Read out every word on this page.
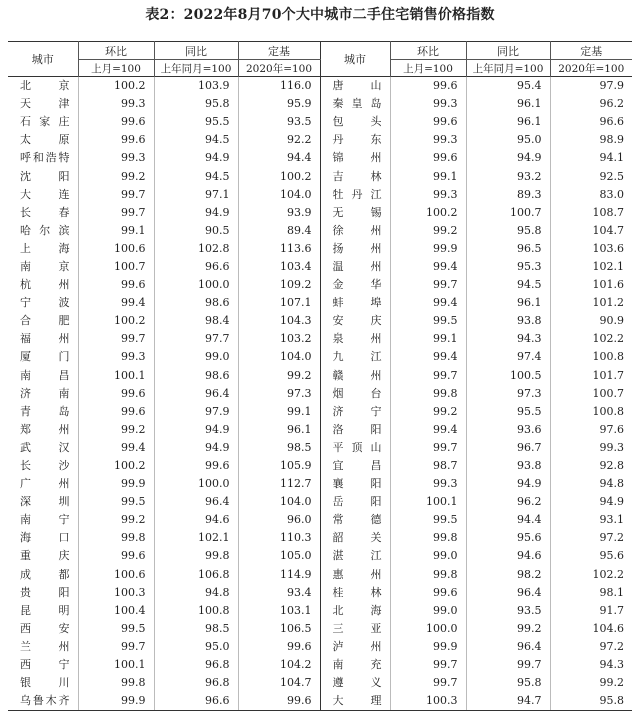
表2：2022年8月70个大中城市二手住宅销售价格指数
城市	环比	同比	定基	城市	环比	同比	定基
	上月=100	上年同月=100	2020年=100		上月=100	上年同月=100	2020年=100
北京	100.2	103.9	116.0	唐山	99.6	95.4	97.9
天津	99.3	95.8	95.9	秦皇岛	99.3	96.1	96.2
石家庄	99.6	95.5	93.5	包头	99.6	96.1	96.6
太原	99.6	94.5	92.2	丹东	99.3	95.0	98.9
呼和浩特	99.3	94.9	94.4	锦州	99.6	94.9	94.1
沈阳	99.2	94.5	100.2	吉林	99.1	93.2	92.5
大连	99.7	97.1	104.0	牡丹江	99.3	89.3	83.0
长春	99.7	94.9	93.9	无锡	100.2	100.7	108.7
哈尔滨	99.1	90.5	89.4	徐州	99.2	95.8	104.7
上海	100.6	102.8	113.6	扬州	99.9	96.5	103.6
南京	100.7	96.6	103.4	温州	99.4	95.3	102.1
杭州	99.6	100.0	109.2	金华	99.7	94.5	101.6
宁波	99.4	98.6	107.1	蚌埠	99.4	96.1	101.2
合肥	100.2	98.4	104.3	安庆	99.5	93.8	90.9
福州	99.7	97.7	103.2	泉州	99.1	94.3	102.2
厦门	99.3	99.0	104.0	九江	99.4	97.4	100.8
南昌	100.1	98.6	99.2	赣州	99.7	100.5	101.7
济南	99.6	96.4	97.3	烟台	99.8	97.3	100.7
青岛	99.6	97.9	99.1	济宁	99.2	95.5	100.8
郑州	99.2	94.9	96.1	洛阳	99.4	93.6	97.6
武汉	99.4	94.9	98.5	平顶山	99.7	96.7	99.3
长沙	100.2	99.6	105.9	宜昌	98.7	93.8	92.8
广州	99.9	100.0	112.7	襄阳	99.3	94.9	94.8
深圳	99.5	96.4	104.0	岳阳	100.1	96.2	94.9
南宁	99.2	94.6	96.0	常德	99.5	94.4	93.1
海口	99.8	102.1	110.3	韶关	99.8	95.6	97.2
重庆	99.6	99.8	105.0	湛江	99.0	94.6	95.6
成都	100.6	106.8	114.9	惠州	99.8	98.2	102.2
贵阳	100.3	94.8	93.4	桂林	99.6	96.4	98.1
昆明	100.4	100.8	103.1	北海	99.0	93.5	91.7
西安	99.5	98.5	106.5	三亚	100.0	99.2	104.6
兰州	99.7	95.0	99.6	泸州	99.9	96.4	97.2
西宁	100.1	96.8	104.2	南充	99.7	99.7	94.3
银川	99.8	96.8	104.7	遵义	99.7	95.8	99.2
乌鲁木齐	99.9	96.6	99.6	大理	100.3	94.7	95.8
